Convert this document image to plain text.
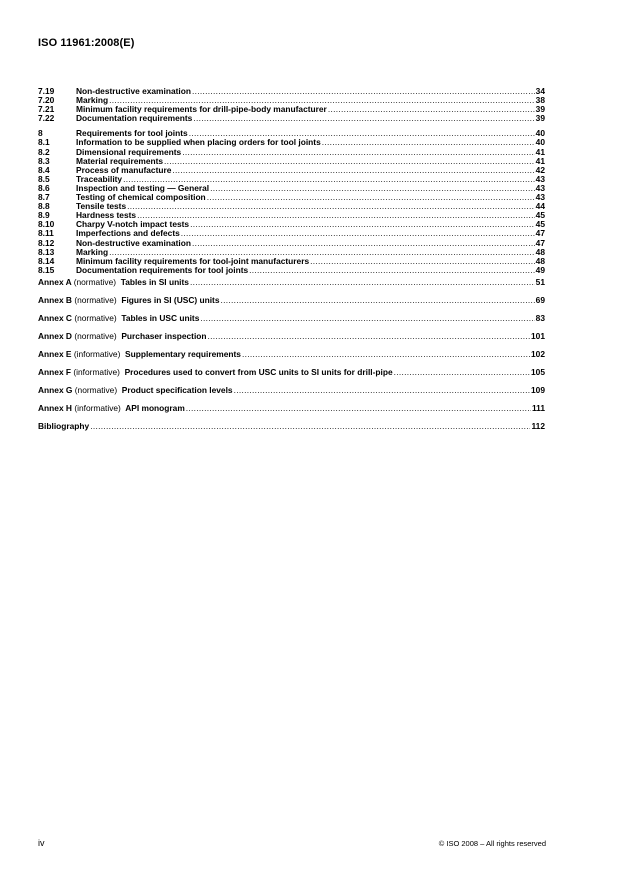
ISO 11961:2008(E)
7.19	Non-destructive examination .....	34
7.20	Marking .....	38
7.21	Minimum facility requirements for drill-pipe-body manufacturer .....	39
7.22	Documentation requirements .....	39
8	Requirements for tool joints .....	40
8.1	Information to be supplied when placing orders for tool joints .....	40
8.2	Dimensional requirements .....	41
8.3	Material requirements .....	41
8.4	Process of manufacture .....	42
8.5	Traceability .....	43
8.6	Inspection and testing — General .....	43
8.7	Testing of chemical composition .....	43
8.8	Tensile tests .....	44
8.9	Hardness tests .....	45
8.10	Charpy V-notch impact tests .....	45
8.11	Imperfections and defects .....	47
8.12	Non-destructive examination .....	47
8.13	Marking .....	48
8.14	Minimum facility requirements for tool-joint manufacturers .....	48
8.15	Documentation requirements for tool joints .....	49
Annex A (normative) Tables in SI units .....	51
Annex B (normative) Figures in SI (USC) units .....	69
Annex C (normative) Tables in USC units .....	83
Annex D (normative) Purchaser inspection .....	101
Annex E (informative) Supplementary requirements .....	102
Annex F (informative) Procedures used to convert from USC units to SI units for drill-pipe .....	105
Annex G (normative) Product specification levels .....	109
Annex H (informative) API monogram .....	111
Bibliography .....	112
iv	© ISO 2008 – All rights reserved
